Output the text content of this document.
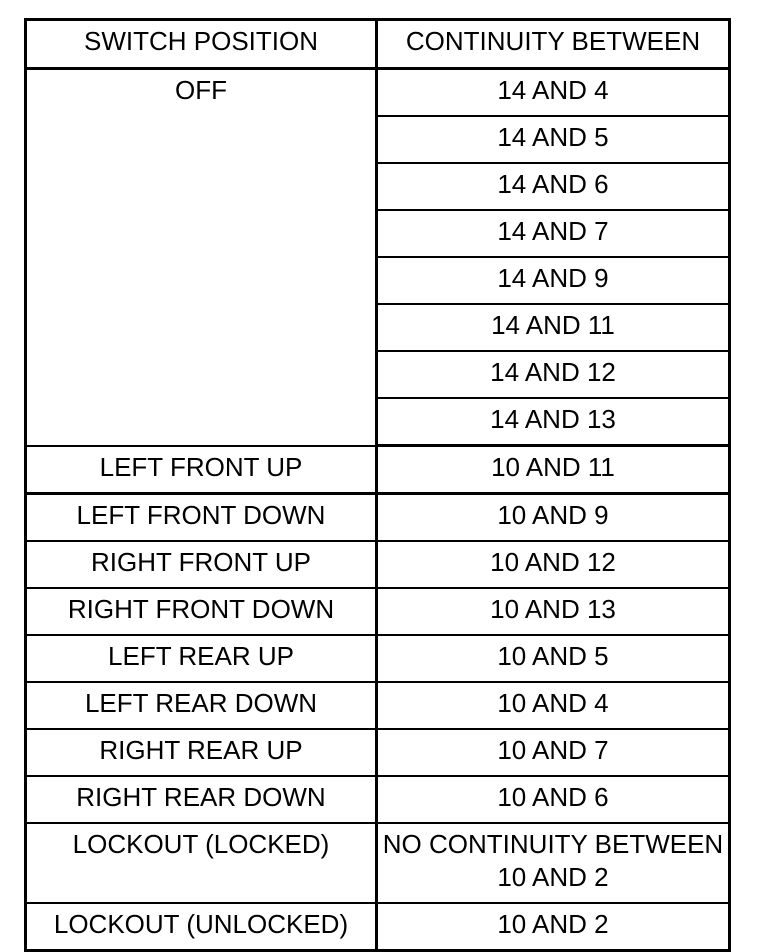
SWITCH POSITION	CONTINUITY BETWEEN
OFF	14 AND 4
	14 AND 5
	14 AND 6
	14 AND 7
	14 AND 9
	14 AND 11
	14 AND 12
	14 AND 13
LEFT FRONT UP	10 AND 11
LEFT FRONT DOWN	10 AND 9
RIGHT FRONT UP	10 AND 12
RIGHT FRONT DOWN	10 AND 13
LEFT REAR UP	10 AND 5
LEFT REAR DOWN	10 AND 4
RIGHT REAR UP	10 AND 7
RIGHT REAR DOWN	10 AND 6
LOCKOUT (LOCKED)	NO CONTINUITY BETWEEN 10 AND 2
LOCKOUT (UNLOCKED)	10 AND 2
